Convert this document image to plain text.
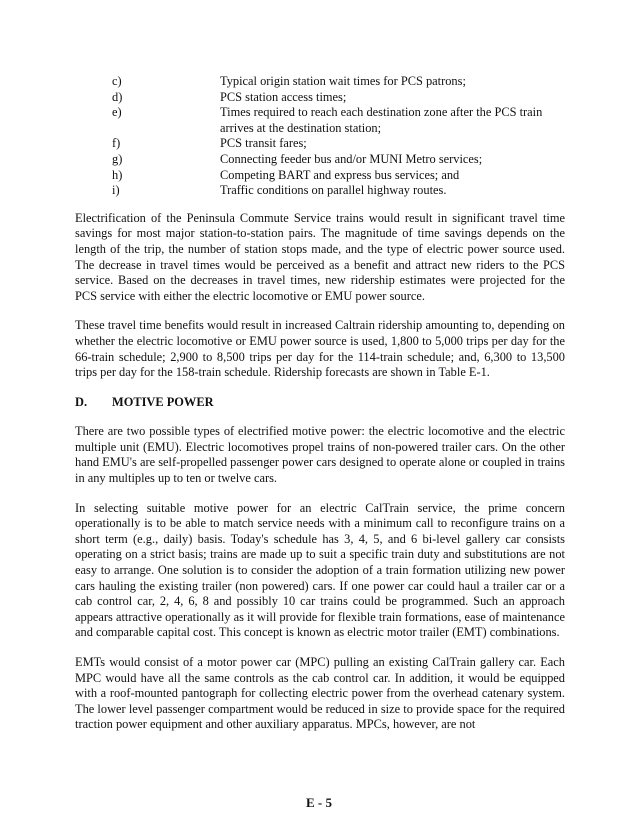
c)	Typical origin station wait times for PCS patrons;
d)	PCS station access times;
e)	Times required to reach each destination zone after the PCS train arrives at the destination station;
f)	PCS transit fares;
g)	Connecting feeder bus and/or MUNI Metro services;
h)	Competing BART and express bus services; and
i)	Traffic conditions on parallel highway routes.

Electrification of the Peninsula Commute Service trains would result in significant travel time savings for most major station-to-station pairs. The magnitude of time savings depends on the length of the trip, the number of station stops made, and the type of electric power source used. The decrease in travel times would be perceived as a benefit and attract new riders to the PCS service. Based on the decreases in travel times, new ridership estimates were projected for the PCS service with either the electric locomotive or EMU power source.

These travel time benefits would result in increased Caltrain ridership amounting to, depending on whether the electric locomotive or EMU power source is used, 1,800 to 5,000 trips per day for the 66-train schedule; 2,900 to 8,500 trips per day for the 114-train schedule; and, 6,300 to 13,500 trips per day for the 158-train schedule. Ridership forecasts are shown in Table E-1.

D.	MOTIVE POWER

There are two possible types of electrified motive power: the electric locomotive and the electric multiple unit (EMU). Electric locomotives propel trains of non-powered trailer cars. On the other hand EMU's are self-propelled passenger power cars designed to operate alone or coupled in trains in any multiples up to ten or twelve cars.

In selecting suitable motive power for an electric CalTrain service, the prime concern operationally is to be able to match service needs with a minimum call to reconfigure trains on a short term (e.g., daily) basis. Today's schedule has 3, 4, 5, and 6 bi-level gallery car consists operating on a strict basis; trains are made up to suit a specific train duty and substitutions are not easy to arrange. One solution is to consider the adoption of a train formation utilizing new power cars hauling the existing trailer (non powered) cars. If one power car could haul a trailer car or a cab control car, 2, 4, 6, 8 and possibly 10 car trains could be programmed. Such an approach appears attractive operationally as it will provide for flexible train formations, ease of maintenance and comparable capital cost. This concept is known as electric motor trailer (EMT) combinations.

EMTs would consist of a motor power car (MPC) pulling an existing CalTrain gallery car. Each MPC would have all the same controls as the cab control car. In addition, it would be equipped with a roof-mounted pantograph for collecting electric power from the overhead catenary system. The lower level passenger compartment would be reduced in size to provide space for the required traction power equipment and other auxiliary apparatus. MPCs, however, are not

E - 5
